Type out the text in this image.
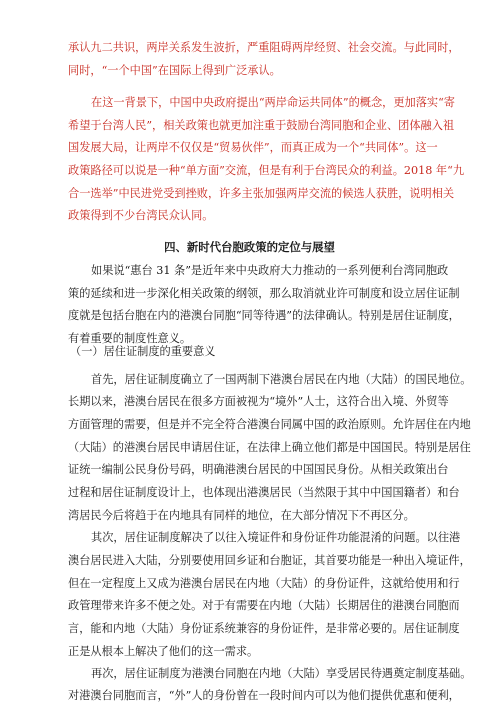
承认九二共识，两岸关系发生波折，严重阻碍两岸经贸、社会交流。与此同时，
同时，“一个中国”在国际上得到广泛承认。
在这一背景下，中国中央政府提出“两岸命运共同体”的概念，更加落实“寄
希望于台湾人民”，相关政策也就更加注重于鼓励台湾同胞和企业、团体融入祖
国发展大局，让两岸不仅仅是“贸易伙伴”，而真正成为一个“共同体”。这一
政策路径可以说是一种“单方面”交流，但是有利于台湾民众的利益。2018 年“九
合一选举”中民进党受到挫败，许多主张加强两岸交流的候选人获胜，说明相关
政策得到不少台湾民众认同。
四、新时代台胞政策的定位与展望
如果说“惠台 31 条”是近年来中央政府大力推动的一系列便利台湾同胞政
策的延续和进一步深化相关政策的纲领，那么取消就业许可制度和设立居住证制
度就是包括台胞在内的港澳台同胞“同等待遇”的法律确认。特别是居住证制度，
有着重要的制度性意义。
（一）居住证制度的重要意义
首先，居住证制度确立了一国两制下港澳台居民在内地（大陆）的国民地位。
长期以来，港澳台居民在很多方面被视为“境外”人士，这符合出入境、外贸等
方面管理的需要，但是并不完全符合港澳台同属中国的政治原则。允许居住在内地
（大陆）的港澳台居民申请居住证，在法律上确立他们都是中国国民。特别是居住
证统一编制公民身份号码，明确港澳台居民的中国国民身份。从相关政策出台
过程和居住证制度设计上，也体现出港澳居民（当然限于其中中国国籍者）和台
湾居民今后将趋于在内地具有同样的地位，在大部分情况下不再区分。
其次，居住证制度解决了以往入境证件和身份证件功能混淆的问题。以往港
澳台居民进入大陆，分别要使用回乡证和台胞证，其首要功能是一种出入境证件，
但在一定程度上又成为港澳台居民在内地（大陆）的身份证件，这就给使用和行
政管理带来许多不便之处。对于有需要在内地（大陆）长期居住的港澳台同胞而
言，能和内地（大陆）身份证系统兼容的身份证件，是非常必要的。居住证制度
正是从根本上解决了他们的这一需求。
再次，居住证制度为港澳台同胞在内地（大陆）享受居民待遇奠定制度基础。
对港澳台同胞而言，“外”人的身份曾在一段时间内可以为他们提供优惠和便利，
